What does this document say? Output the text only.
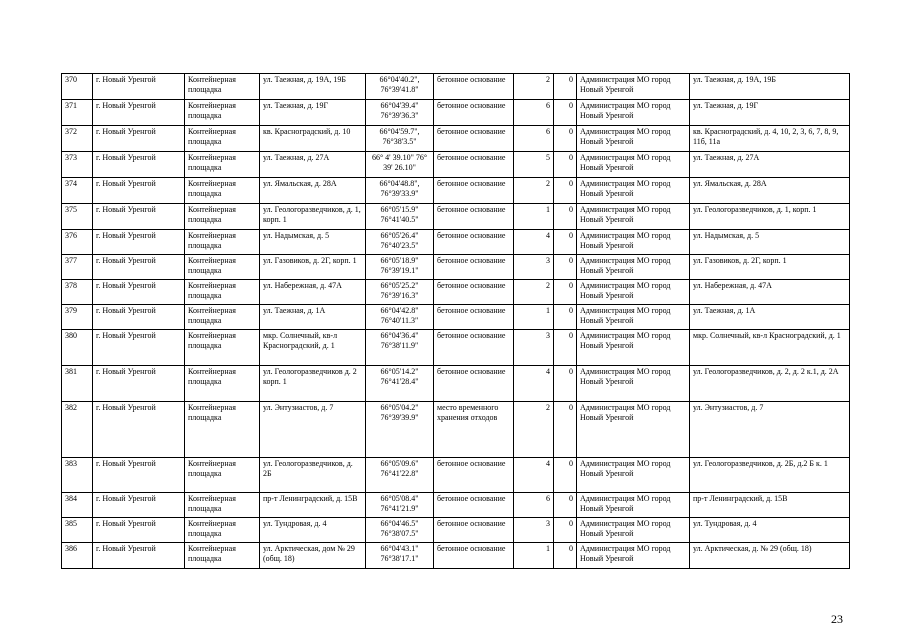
370	г. Новый Уренгой	Контейнерная площадка	ул. Таежная, д. 19А, 19Б	66°04'40.2", 76°39'41.8"	бетонное основание	2	0	Администрация МО город Новый Уренгой	ул. Таежная, д. 19А, 19Б
371	г. Новый Уренгой	Контейнерная площадка	ул. Таежная, д. 19Г	66°04'39.4" 76°39'36.3"	бетонное основание	6	0	Администрация МО город Новый Уренгой	ул. Таежная, д. 19Г
372	г. Новый Уренгой	Контейнерная площадка	кв. Красноградский, д. 10	66°04'59.7", 76°38'3.5"	бетонное основание	6	0	Администрация МО город Новый Уренгой	кв. Красноградский, д. 4, 10, 2, 3, 6, 7, 8, 9, 11б, 11а
373	г. Новый Уренгой	Контейнерная площадка	ул. Таежная, д. 27А	66° 4' 39.10" 76° 39' 26.10"	бетонное основание	5	0	Администрация МО город Новый Уренгой	ул. Таежная, д. 27А
374	г. Новый Уренгой	Контейнерная площадка	ул. Ямальская, д. 28А	66°04'48.8", 76°39'33.9"	бетонное основание	2	0	Администрация МО город Новый Уренгой	ул. Ямальская, д. 28А
375	г. Новый Уренгой	Контейнерная площадка	ул. Геологоразведчиков, д. 1, корп. 1	66°05'15.9" 76°41'40.5"	бетонное основание	1	0	Администрация МО город Новый Уренгой	ул. Геологоразведчиков, д. 1, корп. 1
376	г. Новый Уренгой	Контейнерная площадка	ул. Надымская, д. 5	66°05'26.4" 76°40'23.5"	бетонное основание	4	0	Администрация МО город Новый Уренгой	ул. Надымская, д. 5
377	г. Новый Уренгой	Контейнерная площадка	ул. Газовиков, д. 2Г, корп. 1	66°05'18.9" 76°39'19.1"	бетонное основание	3	0	Администрация МО город Новый Уренгой	ул. Газовиков, д. 2Г, корп. 1
378	г. Новый Уренгой	Контейнерная площадка	ул. Набережная, д. 47А	66°05'25.2" 76°39'16.3"	бетонное основание	2	0	Администрация МО город Новый Уренгой	ул. Набережная, д. 47А
379	г. Новый Уренгой	Контейнерная площадка	ул. Таежная, д. 1А	66°04'42.8" 76°40'11.3"	бетонное основание	1	0	Администрация МО город Новый Уренгой	ул. Таежная, д. 1А
380	г. Новый Уренгой	Контейнерная площадка	мкр. Солнечный, кв-л Красноградский, д. 1	66°04'36.4" 76°38'11.9"	бетонное основание	3	0	Администрация МО город Новый Уренгой	мкр. Солнечный, кв-л Красноградский, д. 1
381	г. Новый Уренгой	Контейнерная площадка	ул. Геологоразведчиков д. 2 корп. 1	66°05'14.2" 76°41'28.4"	бетонное основание	4	0	Администрация МО город Новый Уренгой	ул. Геологоразведчиков, д. 2, д. 2 к.1, д. 2А
382	г. Новый Уренгой	Контейнерная площадка	ул. Энтузиастов, д. 7	66°05'04.2" 76°39'39.9"	место временного хранения отходов	2	0	Администрация МО город Новый Уренгой	ул. Энтузиастов, д. 7
383	г. Новый Уренгой	Контейнерная площадка	ул. Геологоразведчиков, д. 2Б	66°05'09.6" 76°41'22.8"	бетонное основание	4	0	Администрация МО город Новый Уренгой	ул. Геологоразведчиков, д. 2Б, д.2 Б к. 1
384	г. Новый Уренгой	Контейнерная площадка	пр-т Ленинградский, д. 15В	66°05'08.4" 76°41'21.9"	бетонное основание	6	0	Администрация МО город Новый Уренгой	пр-т Ленинградский, д. 15В
385	г. Новый Уренгой	Контейнерная площадка	ул. Тундровая, д. 4	66°04'46.5" 76°38'07.5"	бетонное основание	3	0	Администрация МО город Новый Уренгой	ул. Тундровая, д. 4
386	г. Новый Уренгой	Контейнерная площадка	ул. Арктическая, дом № 29 (общ. 18)	66°04'43.1" 76°38'17.1"	бетонное основание	1	0	Администрация МО город Новый Уренгой	ул. Арктическая, д. № 29 (общ. 18)
23
